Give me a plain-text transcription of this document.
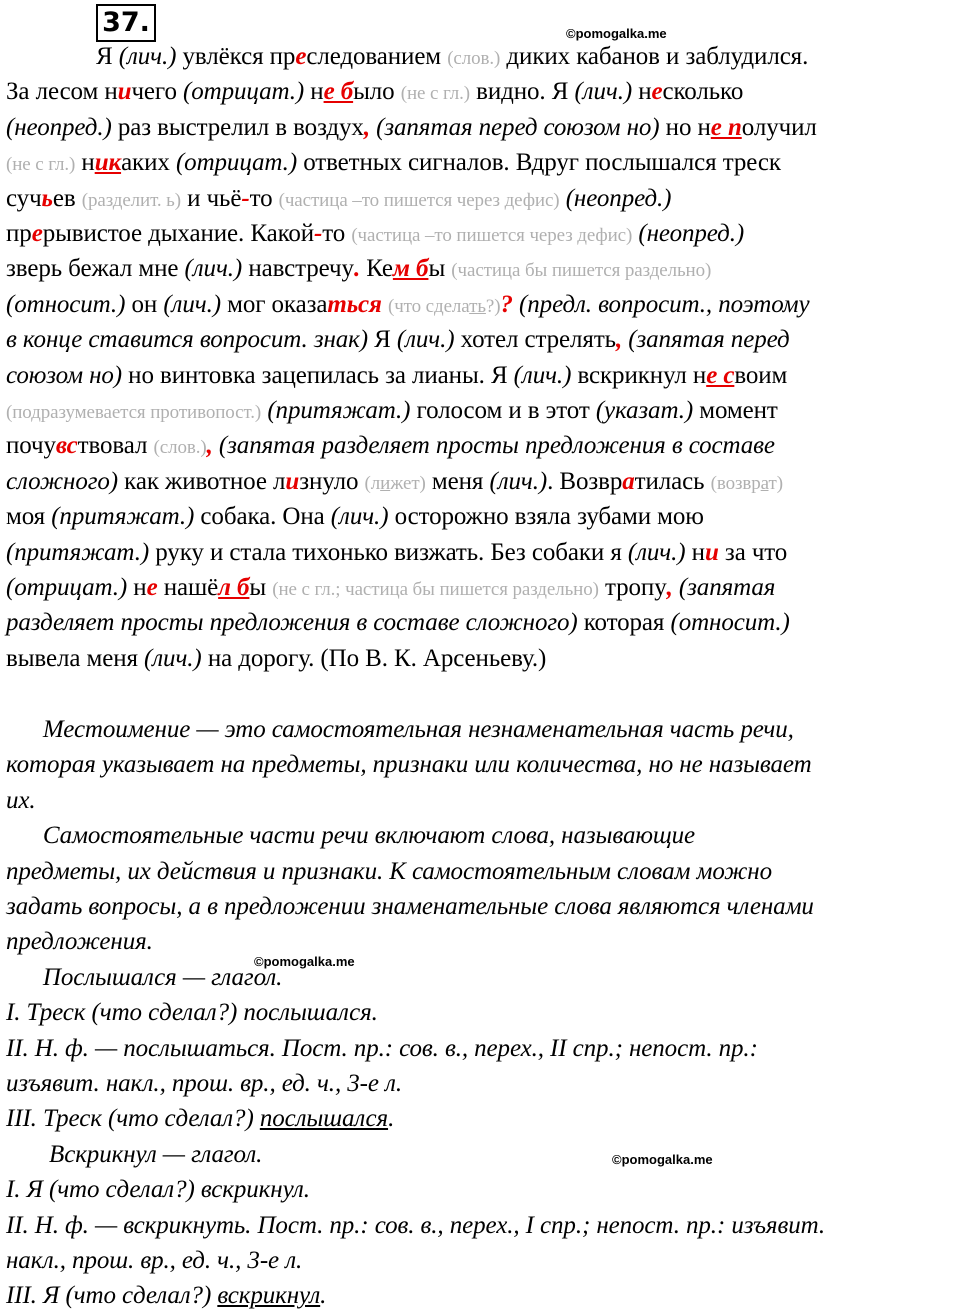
37.	©pomogalka.me
©pomogalka.me
©pomogalka.me
Я (лич.) увлёкся преследованием (слов.) диких кабанов и заблудился.
За лесом ничего (отрицат.) не было (не с гл.) видно. Я (лич.) несколько
(неопред.) раз выстрелил в воздух, (запятая перед союзом но) но не получил
(не с гл.) никаких (отрицат.) ответных сигналов. Вдруг послышался треск
сучьев (разделит. ь) и чьё-то (частица –то пишется через дефис) (неопред.)
прерывистое дыхание. Какой-то (частица –то пишется через дефис) (неопред.)
зверь бежал мне (лич.) навстречу. Кем бы (частица бы пишется раздельно)
(относит.) он (лич.) мог оказаться (что сделать?)? (предл. вопросит., поэтому
в конце ставится вопросит. знак) Я (лич.) хотел стрелять, (запятая перед
союзом но) но винтовка зацепилась за лианы. Я (лич.) вскрикнул не своим
(подразумевается противопост.) (притяжат.) голосом и в этот (указат.) момент
почувствовал (слов.), (запятая разделяет просты предложения в составе
сложного) как животное лизнуло (лижет) меня (лич.). Возвратилась (возврат)
моя (притяжат.) собака. Она (лич.) осторожно взяла зубами мою
(притяжат.) руку и стала тихонько визжать. Без собаки я (лич.) ни за что
(отрицат.) не нашёл бы (не с гл.; частица бы пишется раздельно) тропу, (запятая
разделяет просты предложения в составе сложного) которая (относит.)
вывела меня (лич.) на дорогу. (По В. К. Арсеньеву.)
Местоимение — это самостоятельная незнаменательная часть речи,
которая указывает на предметы, признаки или количества, но не называет
их.
Самостоятельные части речи включают слова, называющие
предметы, их действия и признаки. К самостоятельным словам можно
задать вопросы, а в предложении знаменательные слова являются членами
предложения.
Послышался — глагол.
I. Треск (что сделал?) послышался.
II. Н. ф. — послышаться. Пост. пр.: сов. в., перех., II спр.; непост. пр.:
изъявит. накл., прош. вр., ед. ч., 3-е л.
III. Треск (что сделал?) послышался.
Вскрикнул — глагол.
I. Я (что сделал?) вскрикнул.
II. Н. ф. — вскрикнуть. Пост. пр.: сов. в., перех., I спр.; непост. пр.: изъявит.
накл., прош. вр., ед. ч., 3-е л.
III. Я (что сделал?) вскрикнул.
